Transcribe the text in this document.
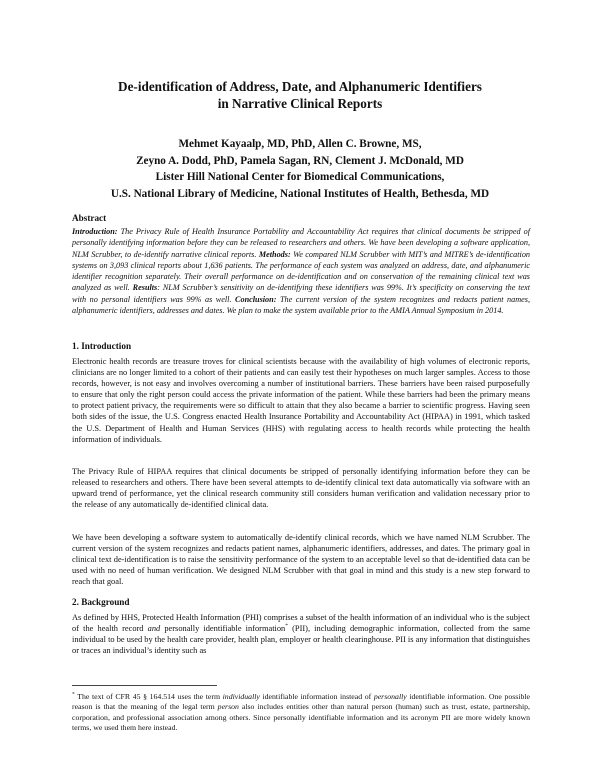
De-identification of Address, Date, and Alphanumeric Identifiers
in Narrative Clinical Reports
Mehmet Kayaalp, MD, PhD, Allen C. Browne, MS,
Zeyno A. Dodd, PhD, Pamela Sagan, RN, Clement J. McDonald, MD
Lister Hill National Center for Biomedical Communications,
U.S. National Library of Medicine, National Institutes of Health, Bethesda, MD
Abstract
Introduction: The Privacy Rule of Health Insurance Portability and Accountability Act requires that clinical documents be stripped of personally identifying information before they can be released to researchers and others. We have been developing a software application, NLM Scrubber, to de-identify narrative clinical reports. Methods: We compared NLM Scrubber with MIT’s and MITRE’s de-identification systems on 3,093 clinical reports about 1,636 patients. The performance of each system was analyzed on address, date, and alphanumeric identifier recognition separately. Their overall performance on de-identification and on conservation of the remaining clinical text was analyzed as well. Results: NLM Scrubber’s sensitivity on de-identifying these identifiers was 99%. It’s specificity on conserving the text with no personal identifiers was 99% as well. Conclusion: The current version of the system recognizes and redacts patient names, alphanumeric identifiers, addresses and dates. We plan to make the system available prior to the AMIA Annual Symposium in 2014.
1. Introduction
Electronic health records are treasure troves for clinical scientists because with the availability of high volumes of electronic reports, clinicians are no longer limited to a cohort of their patients and can easily test their hypotheses on much larger samples. Access to those records, however, is not easy and involves overcoming a number of institutional barriers. These barriers have been raised purposefully to ensure that only the right person could access the private information of the patient. While these barriers had been the primary means to protect patient privacy, the requirements were so difficult to attain that they also became a barrier to scientific progress. Having seen both sides of the issue, the U.S. Congress enacted Health Insurance Portability and Accountability Act (HIPAA) in 1991, which tasked the U.S. Department of Health and Human Services (HHS) with regulating access to health records while protecting the health information of individuals.
The Privacy Rule of HIPAA requires that clinical documents be stripped of personally identifying information before they can be released to researchers and others. There have been several attempts to de-identify clinical text data automatically via software with an upward trend of performance, yet the clinical research community still considers human verification and validation necessary prior to the release of any automatically de-identified clinical data.
We have been developing a software system to automatically de-identify clinical records, which we have named NLM Scrubber. The current version of the system recognizes and redacts patient names, alphanumeric identifiers, addresses, and dates. The primary goal in clinical text de-identification is to raise the sensitivity performance of the system to an acceptable level so that de-identified data can be used with no need of human verification. We designed NLM Scrubber with that goal in mind and this study is a new step forward to reach that goal.
2. Background
As defined by HHS, Protected Health Information (PHI) comprises a subset of the health information of an individual who is the subject of the health record and personally identifiable information* (PII), including demographic information, collected from the same individual to be used by the health care provider, health plan, employer or health clearinghouse. PII is any information that distinguishes or traces an individual’s identity such as
* The text of CFR 45 § 164.514 uses the term individually identifiable information instead of personally identifiable information. One possible reason is that the meaning of the legal term person also includes entities other than natural person (human) such as trust, estate, partnership, corporation, and professional association among others. Since personally identifiable information and its acronym PII are more widely known terms, we used them here instead.
